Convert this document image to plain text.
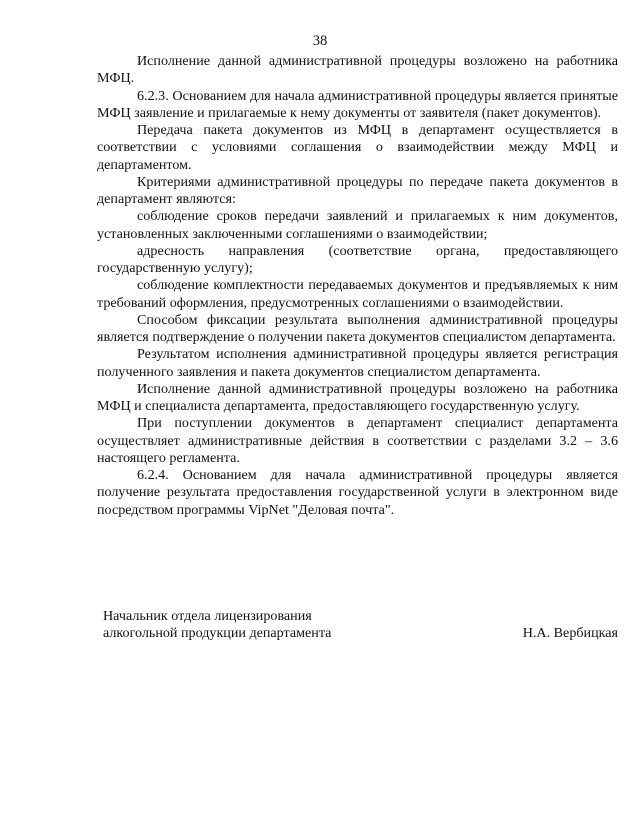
38

Исполнение данной административной процедуры возложено на работника МФЦ.

6.2.3. Основанием для начала административной процедуры является принятые МФЦ заявление и прилагаемые к нему документы от заявителя (пакет документов).

Передача пакета документов из МФЦ в департамент осуществляется в соответствии с условиями соглашения о взаимодействии между МФЦ и департаментом.

Критериями административной процедуры по передаче пакета документов в департамент являются:

соблюдение сроков передачи заявлений и прилагаемых к ним документов, установленных заключенными соглашениями о взаимодействии;

адресность направления (соответствие органа, предоставляющего государственную услугу);

соблюдение комплектности передаваемых документов и предъявляемых к ним требований оформления, предусмотренных соглашениями о взаимодействии.

Способом фиксации результата выполнения административной процедуры является подтверждение о получении пакета документов специалистом департамента.

Результатом исполнения административной процедуры является регистрация полученного заявления и пакета документов специалистом департамента.

Исполнение данной административной процедуры возложено на работника МФЦ и специалиста департамента, предоставляющего государственную услугу.

При поступлении документов в департамент специалист департамента осуществляет административные действия в соответствии с разделами 3.2 – 3.6 настоящего регламента.

6.2.4. Основанием для начала административной процедуры является получение результата предоставления государственной услуги в электронном виде посредством программы VipNet "Деловая почта".

Начальник отдела лицензирования
алкогольной продукции департамента	Н.А. Вербицкая
